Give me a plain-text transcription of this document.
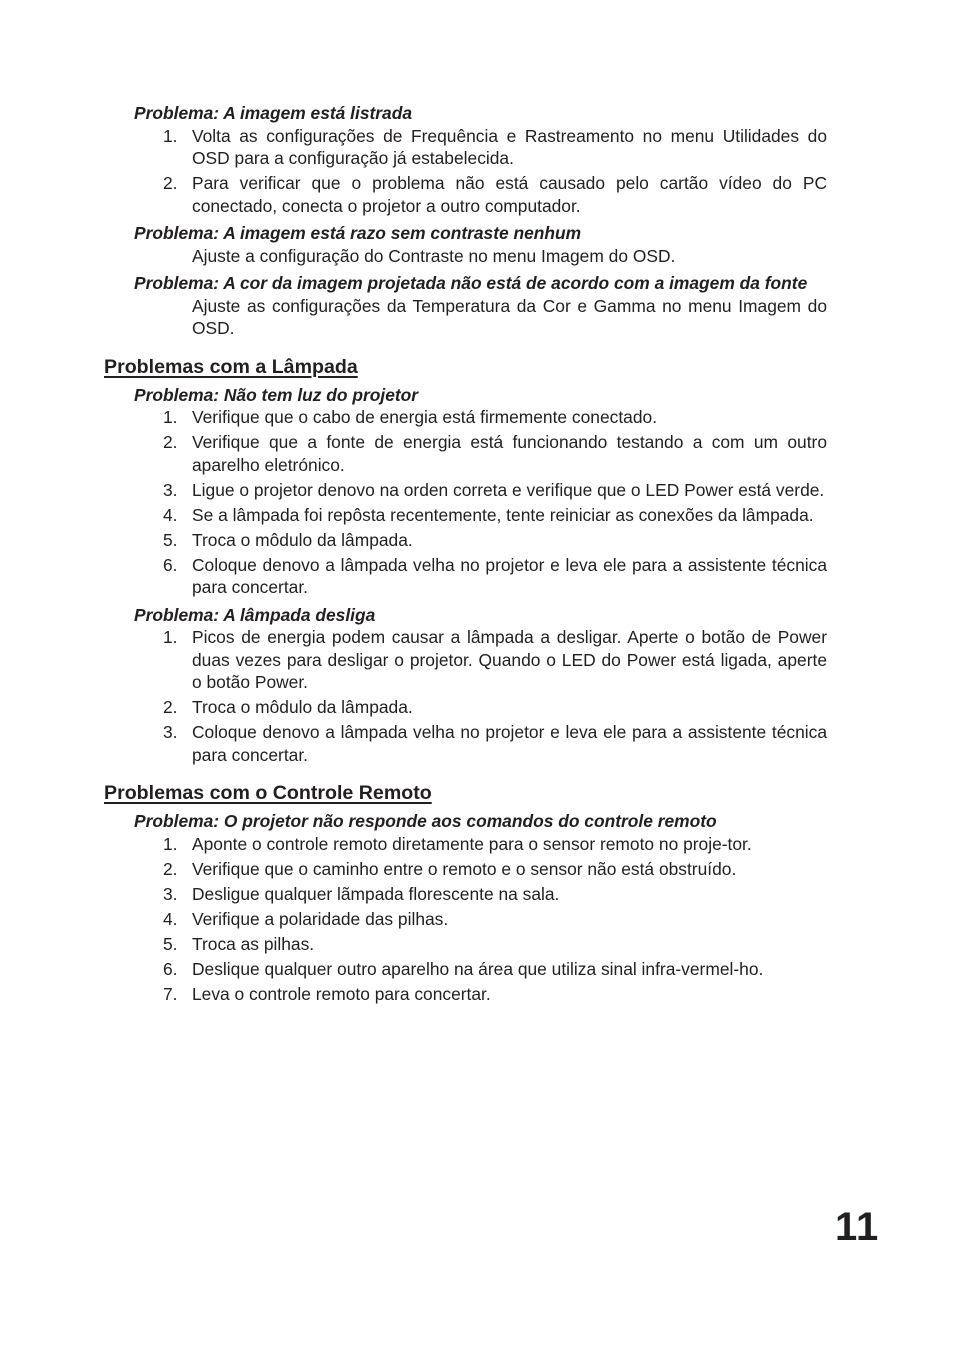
Problema: A imagem está listrada
1. Volta as configurações de Frequência e Rastreamento no menu Utilidades do OSD para a configuração já estabelecida.
2. Para verificar que o problema não está causado pelo cartão vídeo do PC conectado, conecta o projetor a outro computador.
Problema: A imagem está razo sem contraste nenhum
Ajuste a configuração do Contraste no menu Imagem do OSD.
Problema: A cor da imagem projetada não está de acordo com a imagem da fonte
Ajuste as configurações da Temperatura da Cor e Gamma no menu Imagem do OSD.
Problemas com a Lâmpada
Problema: Não tem luz do projetor
1. Verifique que o cabo de energia está firmemente conectado.
2. Verifique que a fonte de energia está funcionando testando a com um outro aparelho eletrónico.
3. Ligue o projetor denovo na orden correta e verifique que o LED Power está verde.
4. Se a lâmpada foi repôsta recentemente, tente reiniciar as conexões da lâmpada.
5. Troca o môdulo da lâmpada.
6. Coloque denovo a lâmpada velha no projetor e leva ele para a assistente técnica para concertar.
Problema: A lâmpada desliga
1. Picos de energia podem causar a lâmpada a desligar. Aperte o botão de Power duas vezes para desligar o projetor. Quando o LED do Power está ligada, aperte o botão Power.
2. Troca o môdulo da lâmpada.
3. Coloque denovo a lâmpada velha no projetor e leva ele para a assistente técnica para concertar.
Problemas com o Controle Remoto
Problema: O projetor não responde aos comandos do controle remoto
1. Aponte o controle remoto diretamente para o sensor remoto no proje-tor.
2. Verifique que o caminho entre o remoto e o sensor não está obstruído.
3. Desligue qualquer lãmpada florescente na sala.
4. Verifique a polaridade das pilhas.
5. Troca as pilhas.
6. Deslique qualquer outro aparelho na área que utiliza sinal infra-vermel-ho.
7. Leva o controle remoto para concertar.
11
